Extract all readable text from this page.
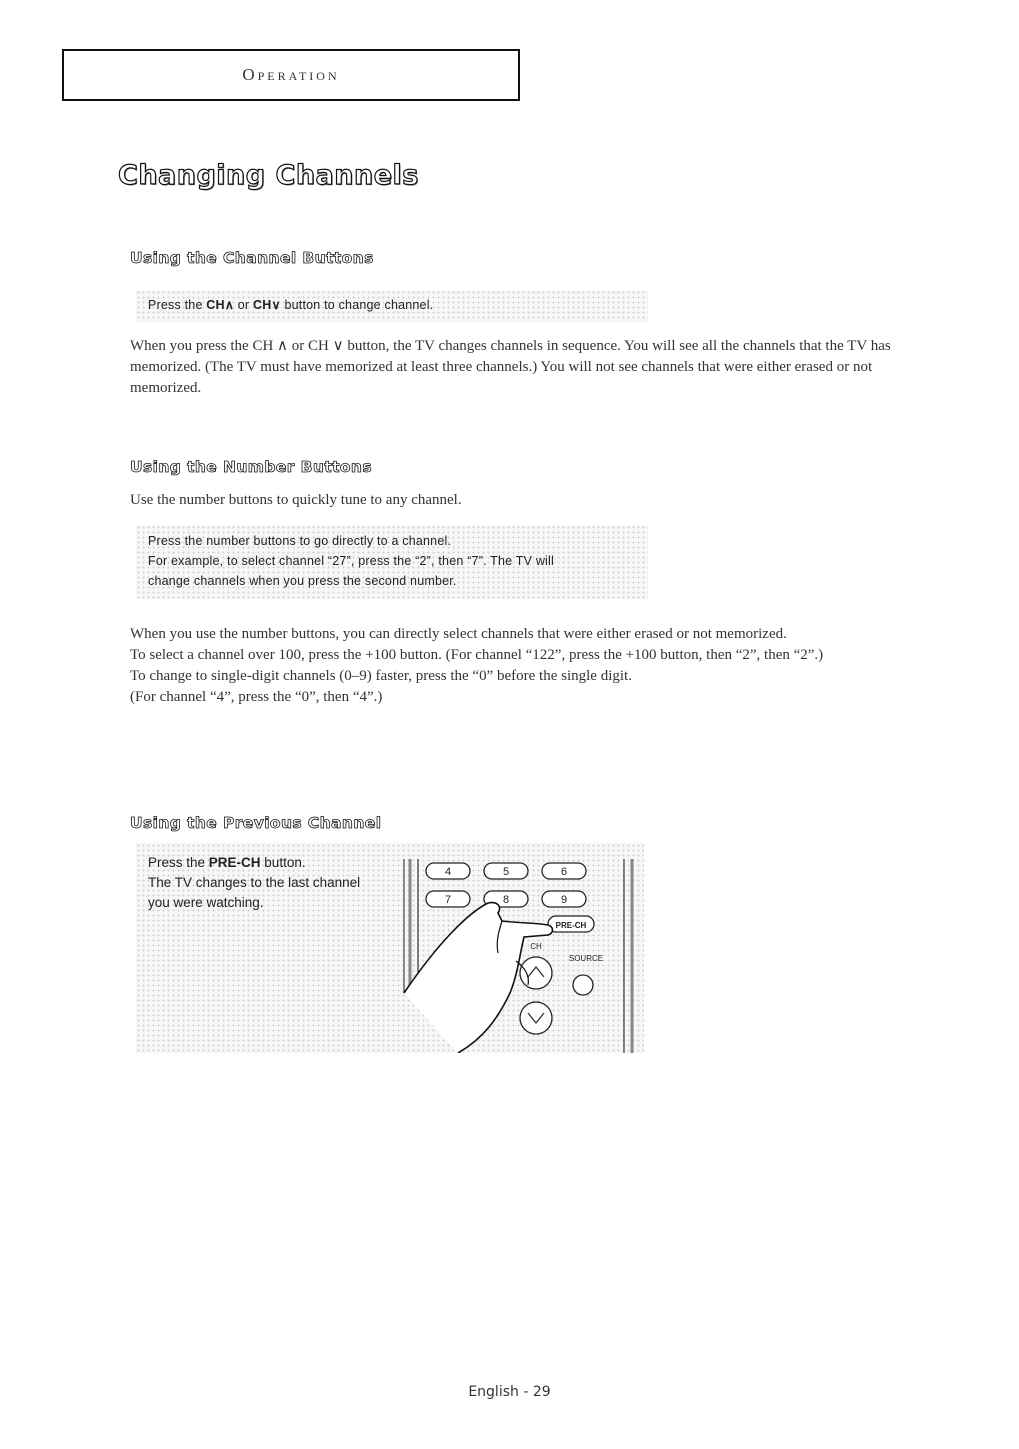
Operation
Changing Channels
Using the Channel Buttons
Press the CH∧ or CH∨ button to change channel.

When you press the CH ∧ or CH ∨ button, the TV changes channels in sequence. You will see all the channels that the TV has memorized. (The TV must have memorized at least three channels.) You will not see channels that were either erased or not memorized.

Using the Number Buttons

Use the number buttons to quickly tune to any channel.

Press the number buttons to go directly to a channel.
For example, to select channel “27”, press the “2”, then “7”. The TV will
change channels when you press the second number.
When you use the number buttons, you can directly select channels that were either erased or not memorized.
To select a channel over 100, press the +100 button. (For channel “122”, press the +100 button, then “2”, then “2”.)
To change to single-digit channels (0–9) faster, press the “0” before the single digit.
(For channel “4”, press the “0”, then “4”.)
Using the Previous Channel
Press the PRE-CH button.
The TV changes to the last channel
you were watching.
4	5	6
7	8	9
PRE-CH
CH
SOURCE
English - 29
